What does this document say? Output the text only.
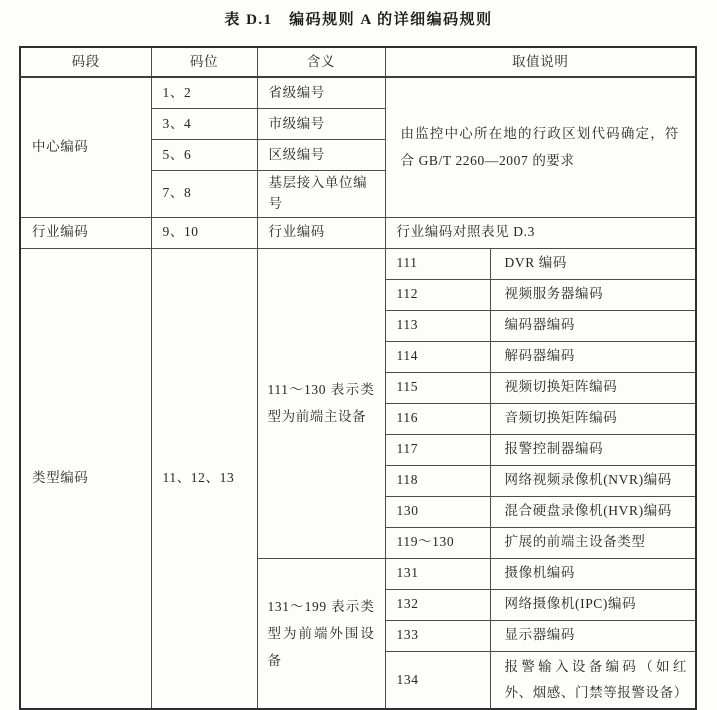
表 D.1　编码规则 A 的详细编码规则
码段	码位	含义	取值说明	
中心编码	1、2	省级编号	由监控中心所在地的行政区划代码确定，符合 GB/T 2260—2007 的要求	
	3、4	市级编号		
	5、6	区级编号		
	7、8	基层接入单位编号		
行业编码	9、10	行业编码	行业编码对照表见 D.3	
类型编码	11、12、13	111～130 表示类型为前端主设备	111	DVR 编码
			112	视频服务器编码
			113	编码器编码
			114	解码器编码
			115	视频切换矩阵编码
			116	音频切换矩阵编码
			117	报警控制器编码
			118	网络视频录像机(NVR)编码
			130	混合硬盘录像机(HVR)编码
			119～130	扩展的前端主设备类型
		131～199 表示类型为前端外围设备	131	摄像机编码
			132	网络摄像机(IPC)编码
			133	显示器编码
			134	报警输入设备编码（如红外、烟感、门禁等报警设备）
